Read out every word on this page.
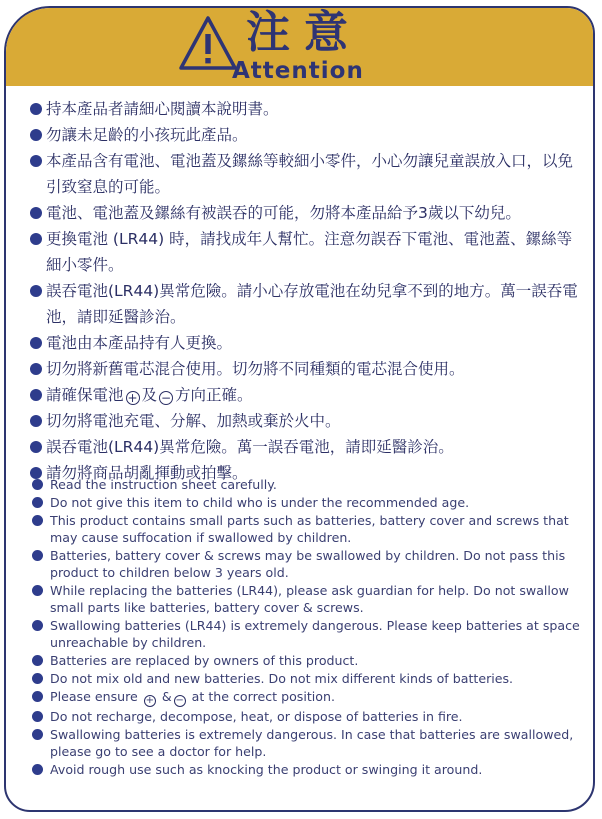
注意
Attention
持本產品者請細心閱讀本說明書。
勿讓未足齡的小孩玩此產品。
本產品含有電池、電池蓋及鏍絲等較細小零件，小心勿讓兒童誤放入口，以免引致窒息的可能。
電池、電池蓋及鏍絲有被誤吞的可能，勿將本產品給予3歲以下幼兒。
更換電池 (LR44) 時，請找成年人幫忙。注意勿誤吞下電池、電池蓋、鏍絲等細小零件。
誤吞電池(LR44)異常危險。請小心存放電池在幼兒拿不到的地方。萬一誤吞電池，請即延醫診治。
電池由本產品持有人更換。
切勿將新舊電芯混合使用。切勿將不同種類的電芯混合使用。
請確保電池 + 及 − 方向正確。
切勿將電池充電、分解、加熱或棄於火中。
誤吞電池(LR44)異常危險。萬一誤吞電池，請即延醫診治。
請勿將商品胡亂揮動或拍擊。
Read the instruction sheet carefully.
Do not give this item to child who is under the recommended age.
This product contains small parts such as batteries, battery cover and screws that may cause suffocation if swallowed by children.
Batteries, battery cover & screws may be swallowed by children. Do not pass this product to children below 3 years old.
While replacing the batteries (LR44), please ask guardian for help. Do not swallow small parts like batteries, battery cover & screws.
Swallowing batteries (LR44) is extremely dangerous. Please keep batteries at space unreachable by children.
Batteries are replaced by owners of this product.
Do not mix old and new batteries. Do not mix different kinds of batteries.
Please ensure + & − at the correct position.
Do not recharge, decompose, heat, or dispose of batteries in fire.
Swallowing batteries is extremely dangerous. In case that batteries are swallowed, please go to see a doctor for help.
Avoid rough use such as knocking the product or swinging it around.
